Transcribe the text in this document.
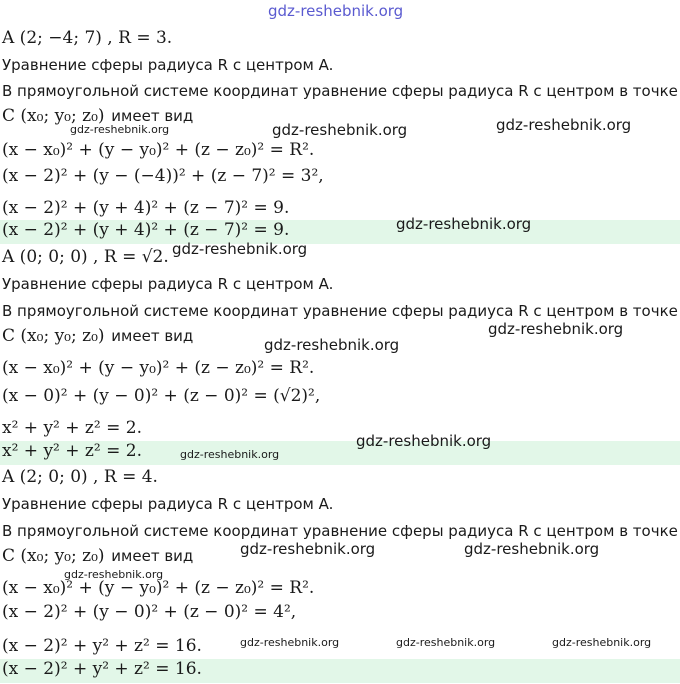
gdz-reshebnik.org
A (2; −4; 7) , R = 3.
Уравнение сферы радиуса R с центром A.
В прямоугольной системе координат уравнение сферы радиуса R с центром в точке
C (x₀; y₀; z₀) имеет вид
(x − x₀)² + (y − y₀)² + (z − z₀)² = R².
(x − 2)² + (y − (−4))² + (z − 7)² = 3²,
(x − 2)² + (y + 4)² + (z − 7)² = 9.
(x − 2)² + (y + 4)² + (z − 7)² = 9.
A (0; 0; 0) , R = √2.
Уравнение сферы радиуса R с центром A.
В прямоугольной системе координат уравнение сферы радиуса R с центром в точке
C (x₀; y₀; z₀) имеет вид
(x − x₀)² + (y − y₀)² + (z − z₀)² = R².
(x − 0)² + (y − 0)² + (z − 0)² = (√2)²,
x² + y² + z² = 2.
x² + y² + z² = 2.
A (2; 0; 0) , R = 4.
Уравнение сферы радиуса R с центром A.
В прямоугольной системе координат уравнение сферы радиуса R с центром в точке
C (x₀; y₀; z₀) имеет вид
(x − x₀)² + (y − y₀)² + (z − z₀)² = R².
(x − 2)² + (y − 0)² + (z − 0)² = 4²,
(x − 2)² + y² + z² = 16.
(x − 2)² + y² + z² = 16.
gdz-reshebnik.org	gdz-reshebnik.org	gdz-reshebnik.org
gdz-reshebnik.org
gdz-reshebnik.org
gdz-reshebnik.org
gdz-reshebnik.org
gdz-reshebnik.org
gdz-reshebnik.org
gdz-reshebnik.org	gdz-reshebnik.org
gdz-reshebnik.org
gdz-reshebnik.org	gdz-reshebnik.org	gdz-reshebnik.org
